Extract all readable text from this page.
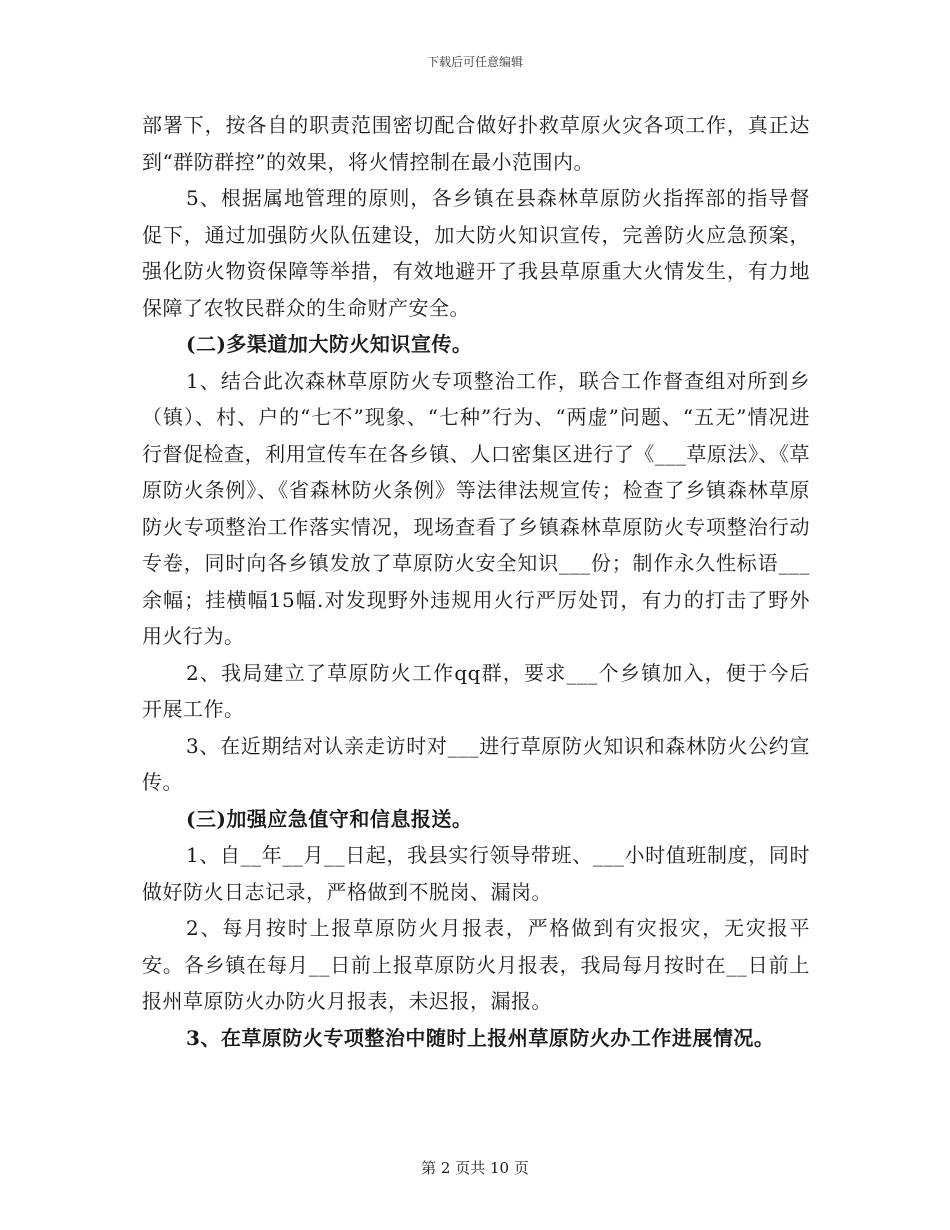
下载后可任意编辑

部署下，按各自的职责范围密切配合做好扑救草原火灾各项工作，真正达到“群防群控”的效果，将火情控制在最小范围内。

5、根据属地管理的原则，各乡镇在县森林草原防火指挥部的指导督促下，通过加强防火队伍建设，加大防火知识宣传，完善防火应急预案，强化防火物资保障等举措，有效地避开了我县草原重大火情发生，有力地保障了农牧民群众的生命财产安全。

(二)多渠道加大防火知识宣传。

1、结合此次森林草原防火专项整治工作，联合工作督查组对所到乡（镇）、村、户的“七不”现象、“七种”行为、“两虚”问题、“五无”情况进行督促检查，利用宣传车在各乡镇、人口密集区进行了《___草原法》、《草原防火条例》、《省森林防火条例》等法律法规宣传；检查了乡镇森林草原防火专项整治工作落实情况，现场查看了乡镇森林草原防火专项整治行动专卷，同时向各乡镇发放了草原防火安全知识___份；制作永久性标语___余幅；挂横幅15幅.对发现野外违规用火行严厉处罚，有力的打击了野外用火行为。

2、我局建立了草原防火工作qq群，要求___个乡镇加入，便于今后开展工作。

3、在近期结对认亲走访时对___进行草原防火知识和森林防火公约宣传。

(三)加强应急值守和信息报送。

1、自__年__月__日起，我县实行领导带班、___小时值班制度，同时做好防火日志记录，严格做到不脱岗、漏岗。

2、每月按时上报草原防火月报表，严格做到有灾报灾，无灾报平安。各乡镇在每月__日前上报草原防火月报表，我局每月按时在__日前上报州草原防火办防火月报表，未迟报，漏报。

3、在草原防火专项整治中随时上报州草原防火办工作进展情况。

第 2 页共 10 页
